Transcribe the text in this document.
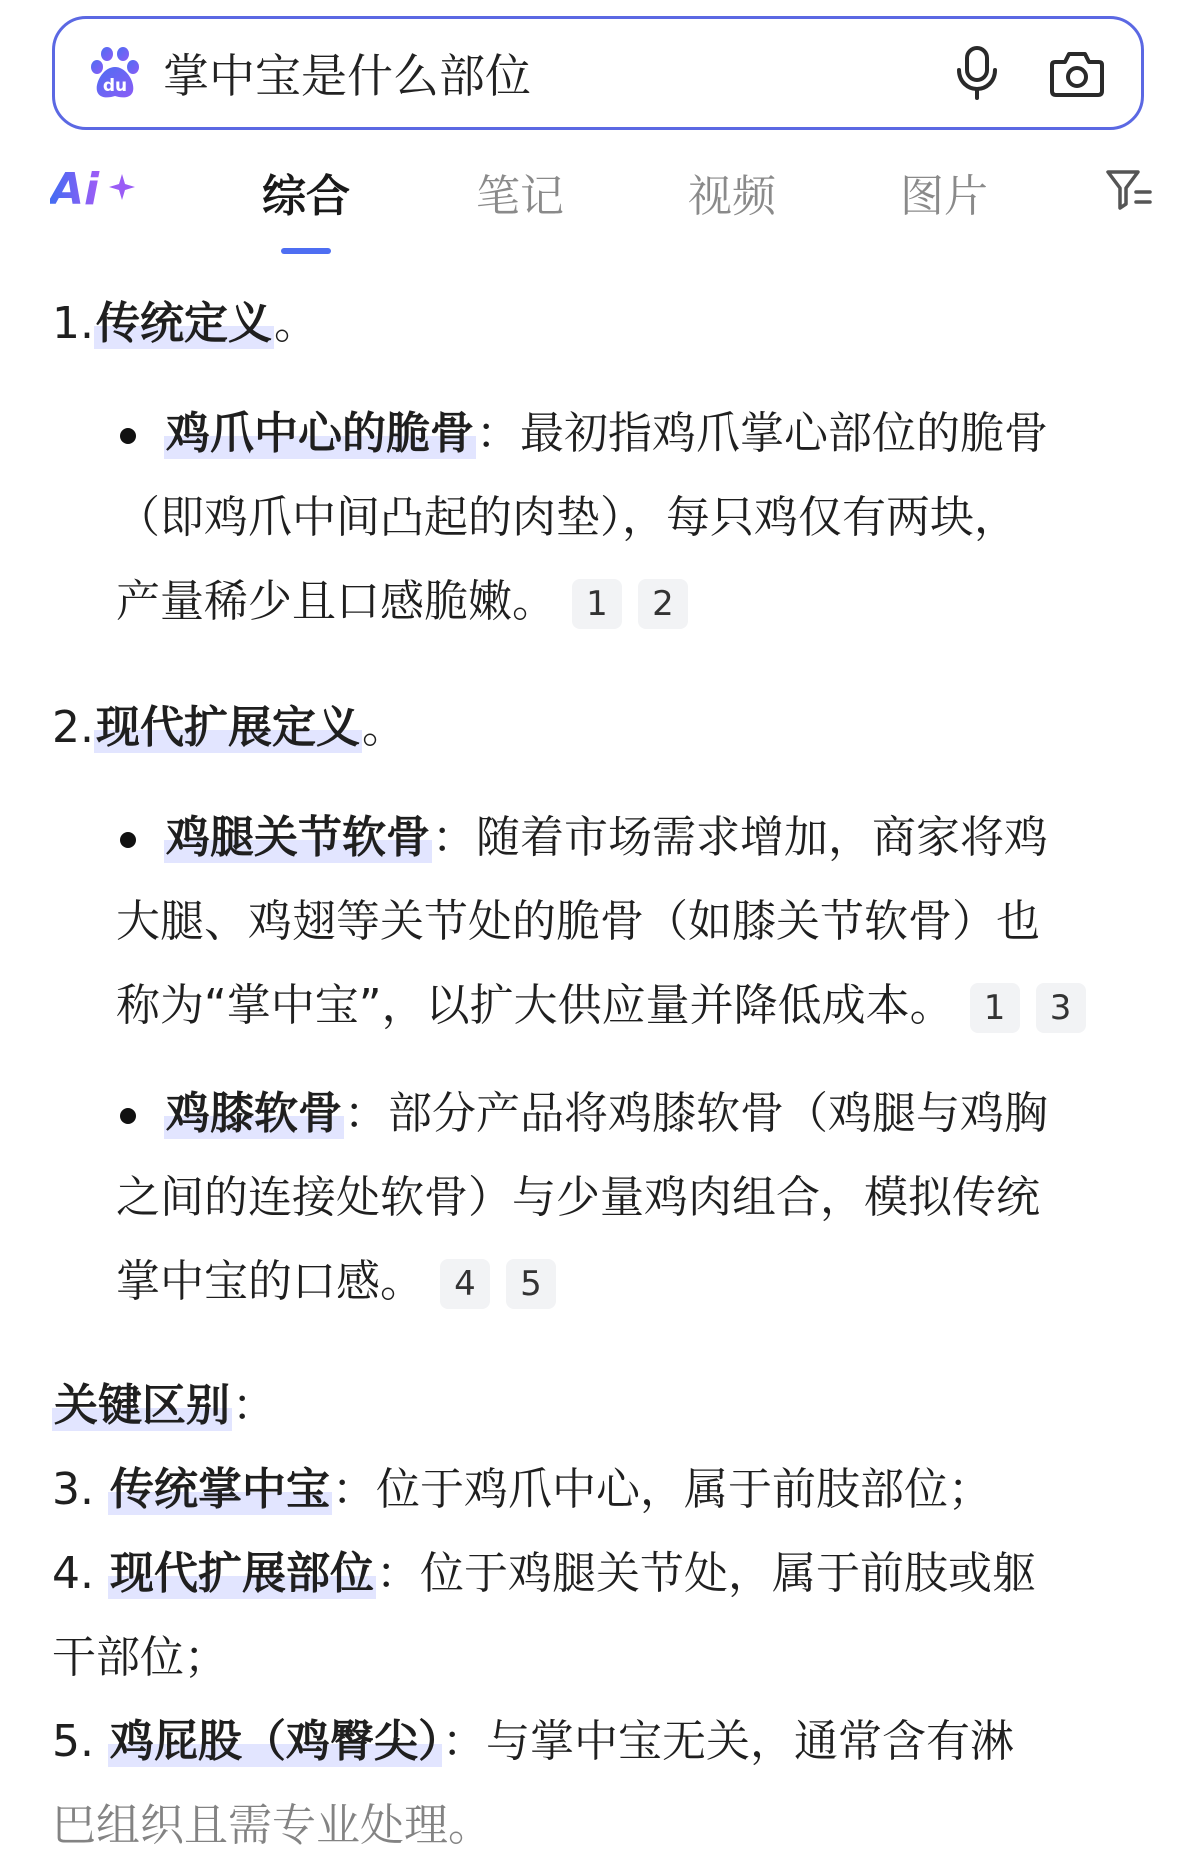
du
掌中宝是什么部位
Ai	综合	笔记	视频	图片
1.传统定义。
鸡爪中心的脆骨：最初指鸡爪掌心部位的脆骨
（即鸡爪中间凸起的肉垫），每只鸡仅有两块，
产量稀少且口感脆嫩。 1 2
2.现代扩展定义。
鸡腿关节软骨：随着市场需求增加，商家将鸡
大腿、鸡翅等关节处的脆骨（如膝关节软骨）也
称为“掌中宝”，以扩大供应量并降低成本。 1 3
鸡膝软骨：部分产品将鸡膝软骨（鸡腿与鸡胸
之间的连接处软骨）与少量鸡肉组合，模拟传统
掌中宝的口感。 4 5
关键区别：
3. 传统掌中宝：位于鸡爪中心，属于前肢部位；
4. 现代扩展部位：位于鸡腿关节处，属于前肢或躯
干部位；
5. 鸡屁股（鸡臀尖）：与掌中宝无关，通常含有淋
巴组织且需专业处理。
